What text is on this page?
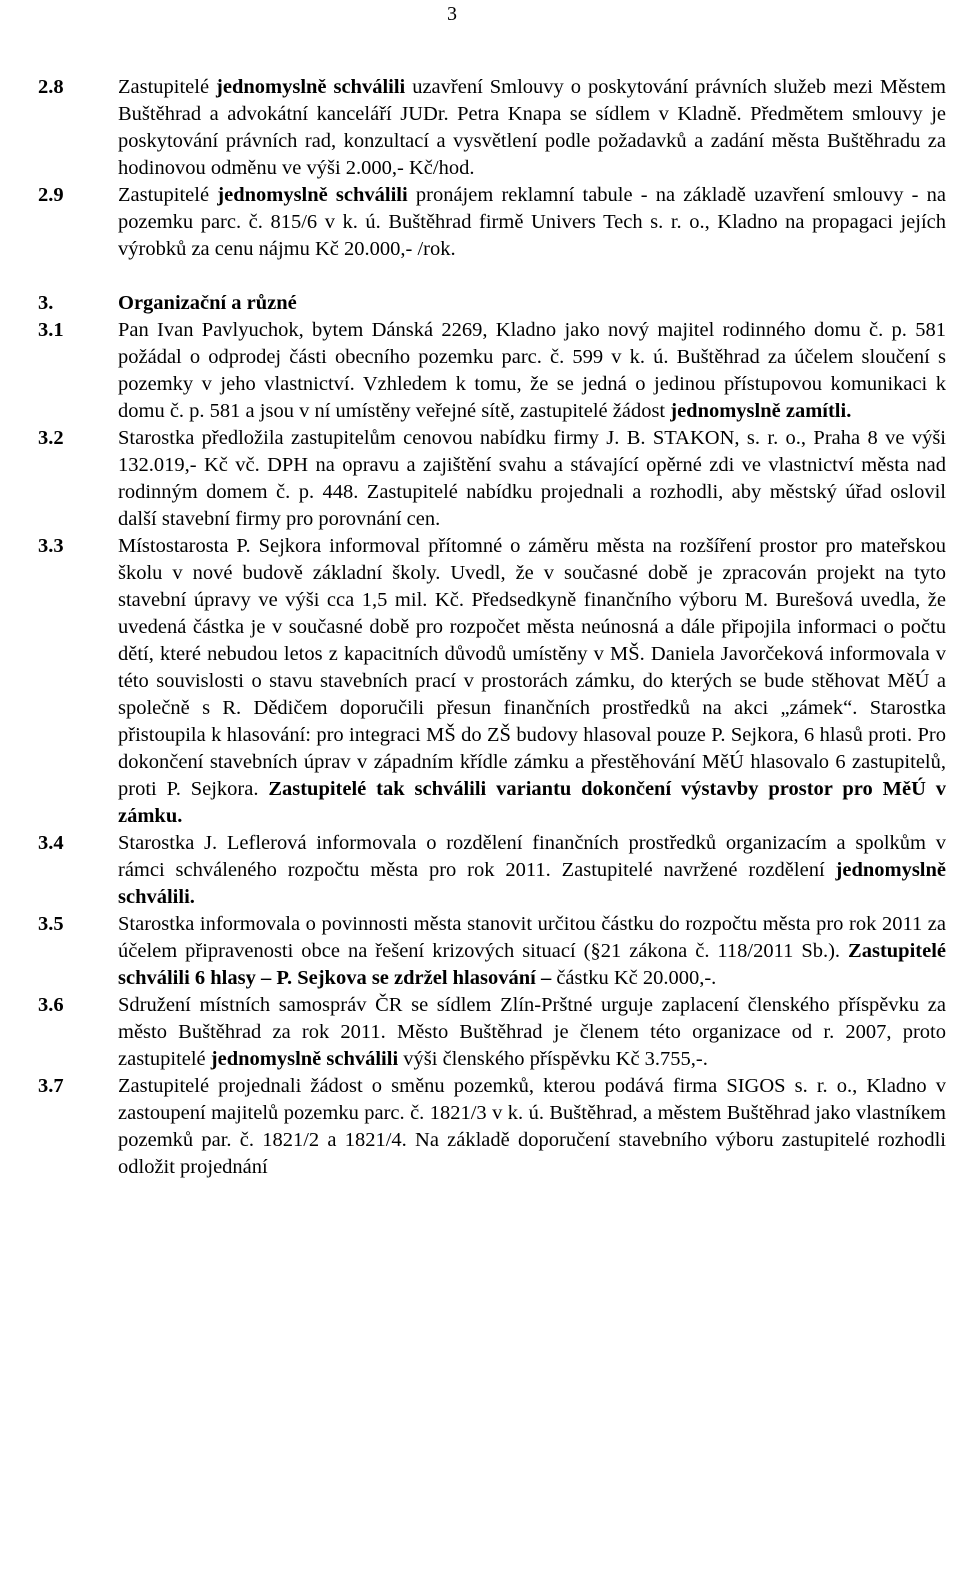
3
2.8	Zastupitelé jednomyslně schválili uzavření Smlouvy o poskytování právních služeb mezi Městem Buštěhrad a advokátní kanceláří JUDr. Petra Knapa se sídlem v Kladně. Předmětem smlouvy je poskytování právních rad, konzultací a vysvětlení podle požadavků a zadání města Buštěhradu za hodinovou odměnu ve výši 2.000,- Kč/hod.
2.9	Zastupitelé jednomyslně schválili pronájem reklamní tabule - na základě uzavření smlouvy - na pozemku parc. č. 815/6 v k. ú. Buštěhrad firmě Univers Tech s. r. o., Kladno na propagaci jejích výrobků za cenu nájmu Kč 20.000,- /rok.
3.	Organizační a různé
3.1	Pan Ivan Pavlyuchok, bytem Dánská 2269, Kladno jako nový majitel rodinného domu č. p. 581 požádal o odprodej části obecního pozemku parc. č. 599 v k. ú. Buštěhrad za účelem sloučení s pozemky v jeho vlastnictví. Vzhledem k tomu, že se jedná o jedinou přístupovou komunikaci k domu č. p. 581 a jsou v ní umístěny veřejné sítě, zastupitelé žádost jednomyslně zamítli.
3.2	Starostka předložila zastupitelům cenovou nabídku firmy J. B. STAKON, s. r. o., Praha 8 ve výši 132.019,- Kč vč. DPH na opravu a zajištění svahu a stávající opěrné zdi ve vlastnictví města nad rodinným domem č. p. 448. Zastupitelé nabídku projednali a rozhodli, aby městský úřad oslovil další stavební firmy pro porovnání cen.
3.3	Místostarosta P. Sejkora informoval přítomné o záměru města na rozšíření prostor pro mateřskou školu v nové budově základní školy. Uvedl, že v současné době je zpracován projekt na tyto stavební úpravy ve výši cca 1,5 mil. Kč. Předsedkyně finančního výboru M. Burešová uvedla, že uvedená částka je v současné době pro rozpočet města neúnosná a dále připojila informaci o počtu dětí, které nebudou letos z kapacitních důvodů umístěny v MŠ. Daniela Javorčeková informovala v této souvislosti o stavu stavebních prací v prostorách zámku, do kterých se bude stěhovat MěÚ a společně s R. Dědičem doporučili přesun finančních prostředků na akci „zámek“. Starostka přistoupila k hlasování: pro integraci MŠ do ZŠ budovy hlasoval pouze P. Sejkora, 6 hlasů proti. Pro dokončení stavebních úprav v západním křídle zámku a přestěhování MěÚ hlasovalo 6 zastupitelů, proti P. Sejkora. Zastupitelé tak schválili variantu dokončení výstavby prostor pro MěÚ v zámku.
3.4	Starostka J. Leflerová informovala o rozdělení finančních prostředků organizacím a spolkům v rámci schváleného rozpočtu města pro rok 2011. Zastupitelé navržené rozdělení jednomyslně schválili.
3.5	Starostka informovala o povinnosti města stanovit určitou částku do rozpočtu města pro rok 2011 za účelem připravenosti obce na řešení krizových situací (§21 zákona č. 118/2011 Sb.). Zastupitelé schválili 6 hlasy – P. Sejkova se zdržel hlasování – částku Kč 20.000,-.
3.6	Sdružení místních samospráv ČR se sídlem Zlín-Prštné urguje zaplacení členského příspěvku za město Buštěhrad za rok 2011. Město Buštěhrad je členem této organizace od r. 2007, proto zastupitelé jednomyslně schválili výši členského příspěvku Kč 3.755,-.
3.7	Zastupitelé projednali žádost o směnu pozemků, kterou podává firma SIGOS s. r. o., Kladno v zastoupení majitelů pozemku parc. č. 1821/3 v k. ú. Buštěhrad, a městem Buštěhrad jako vlastníkem pozemků par. č. 1821/2 a 1821/4. Na základě doporučení stavebního výboru zastupitelé rozhodli odložit projednání
